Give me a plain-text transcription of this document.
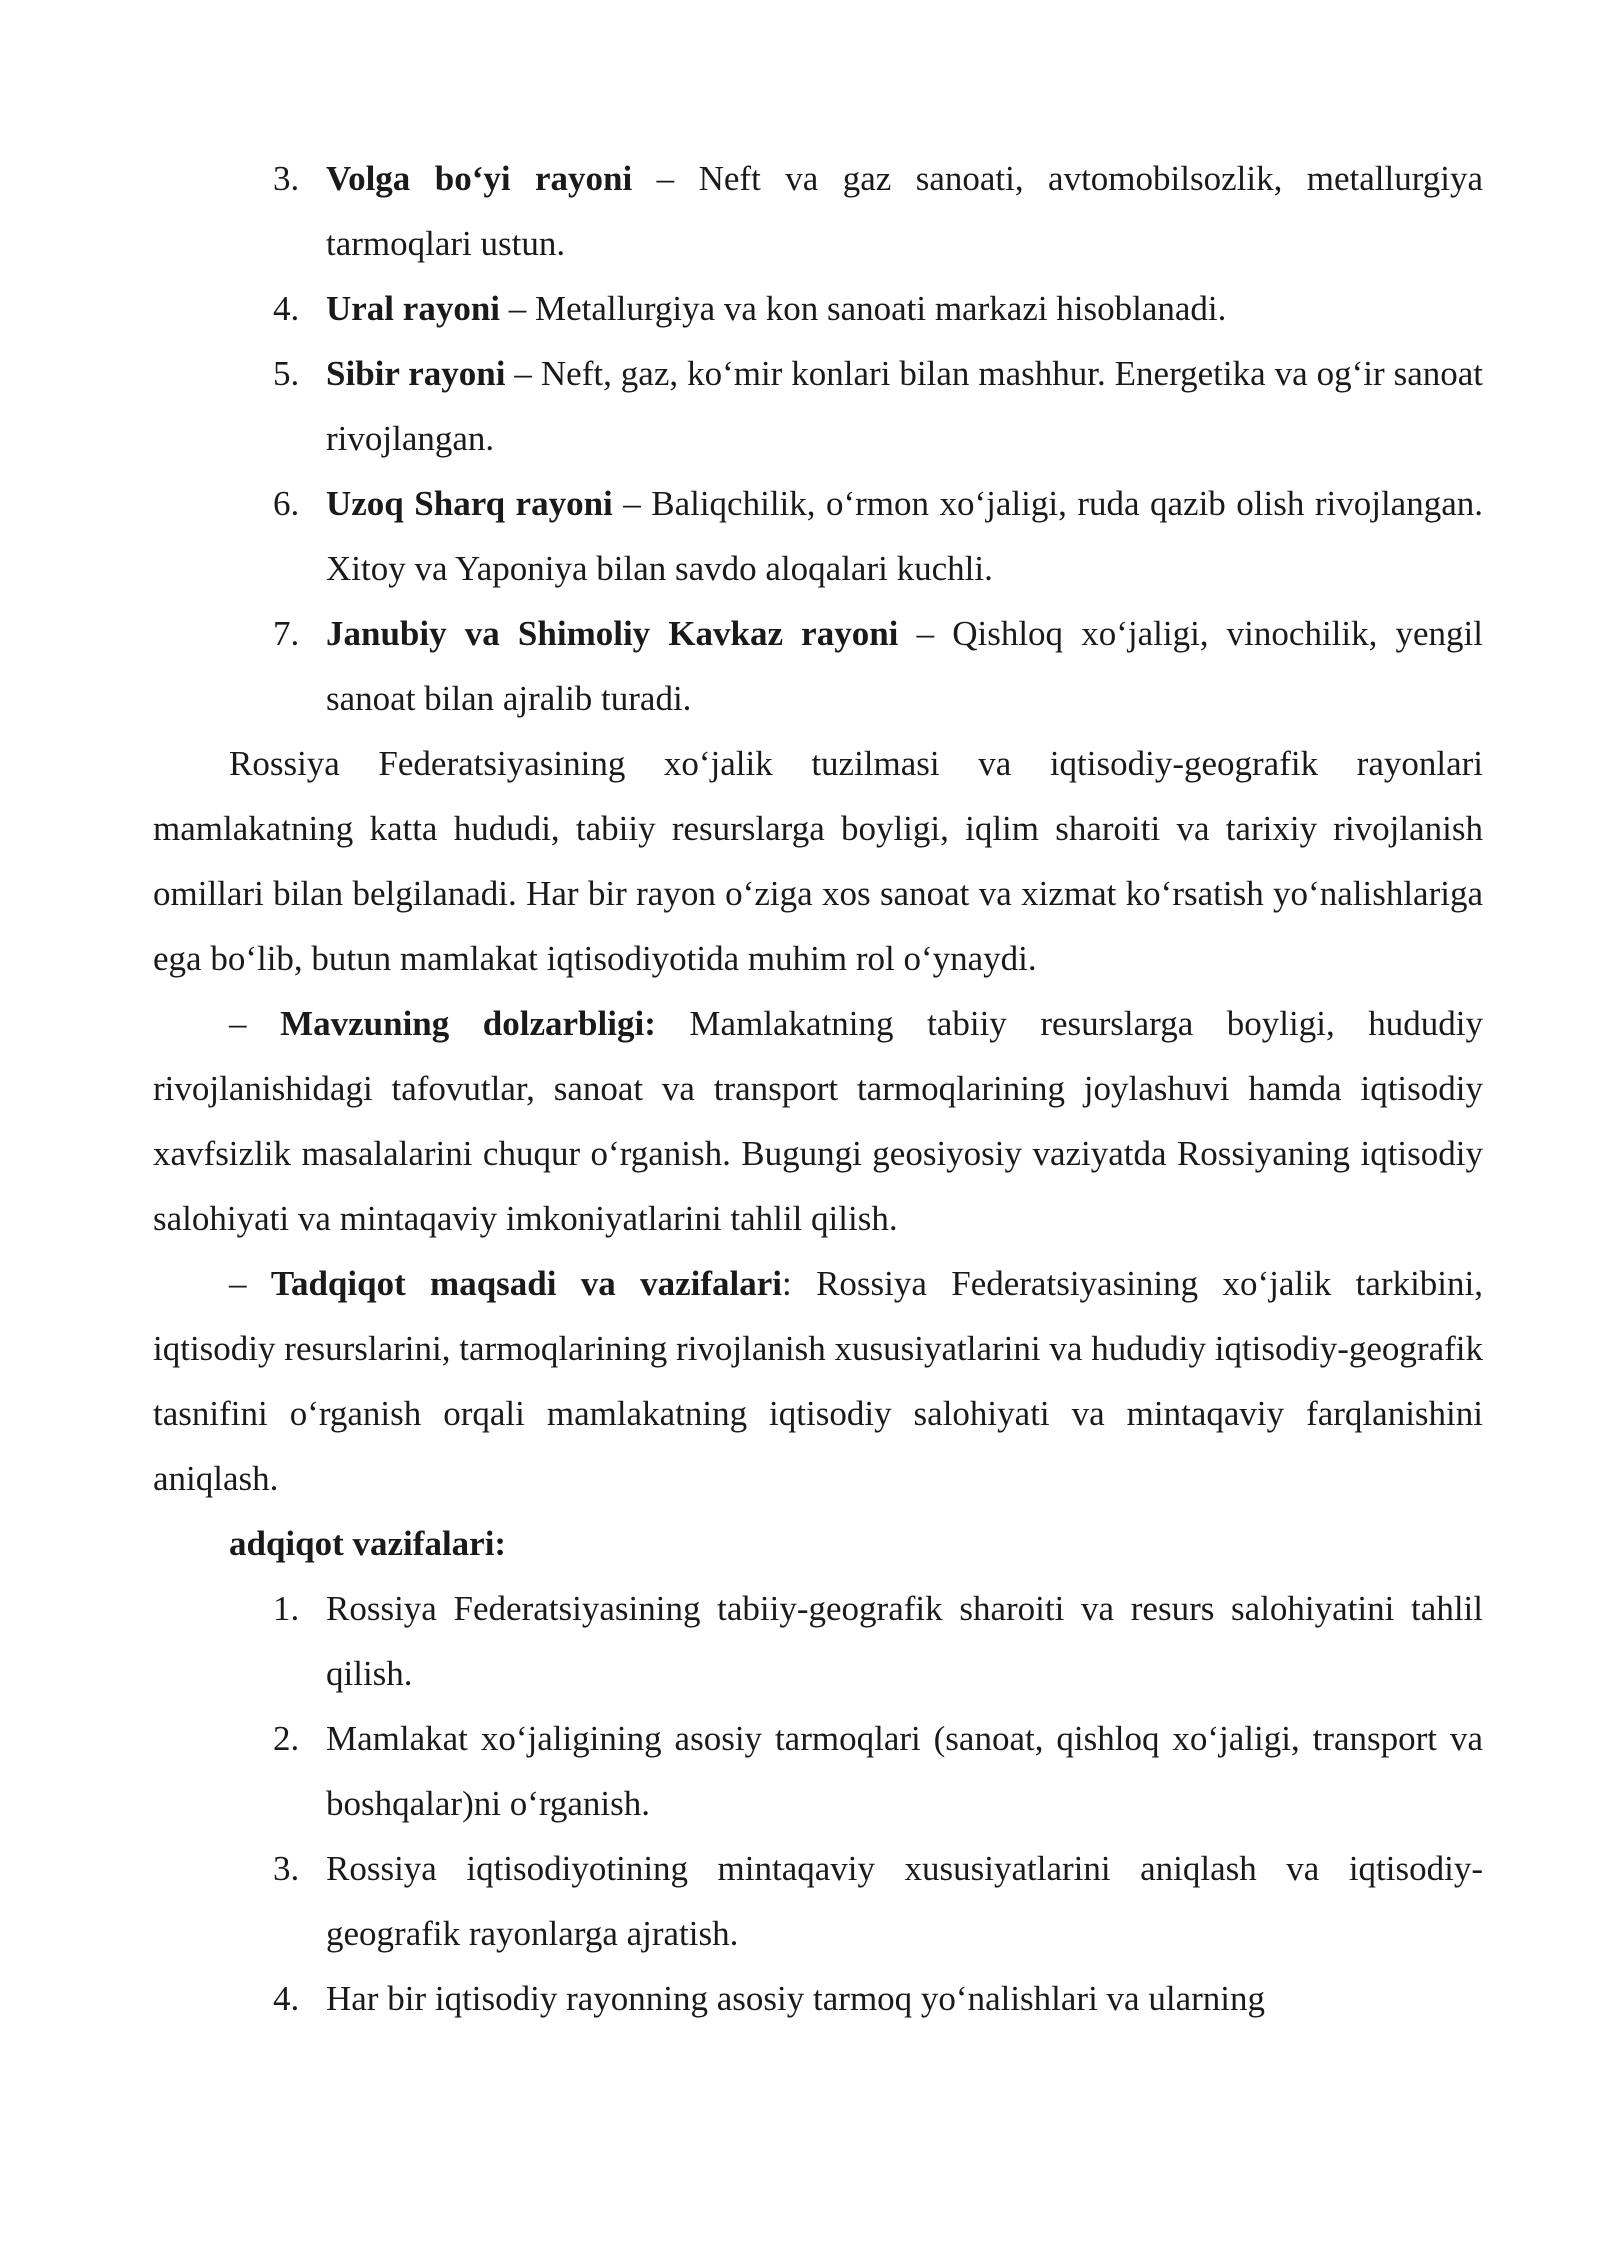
3. Volga bo‘yi rayoni – Neft va gaz sanoati, avtomobilsozlik, metallurgiya tarmoqlari ustun.
4. Ural rayoni – Metallurgiya va kon sanoati markazi hisoblanadi.
5. Sibir rayoni – Neft, gaz, ko‘mir konlari bilan mashhur. Energetika va og‘ir sanoat rivojlangan.
6. Uzoq Sharq rayoni – Baliqchilik, o‘rmon xo‘jaligi, ruda qazib olish rivojlangan. Xitoy va Yaponiya bilan savdo aloqalari kuchli.
7. Janubiy va Shimoliy Kavkaz rayoni – Qishloq xo‘jaligi, vinochilik, yengil sanoat bilan ajralib turadi.

Rossiya Federatsiyasining xo‘jalik tuzilmasi va iqtisodiy-geografik rayonlari mamlakatning katta hududi, tabiiy resurslarga boyligi, iqlim sharoiti va tarixiy rivojlanish omillari bilan belgilanadi. Har bir rayon o‘ziga xos sanoat va xizmat ko‘rsatish yo‘nalishlariga ega bo‘lib, butun mamlakat iqtisodiyotida muhim rol o‘ynaydi.

– Mavzuning dolzarbligi: Mamlakatning tabiiy resurslarga boyligi, hududiy rivojlanishidagi tafovutlar, sanoat va transport tarmoqlarining joylashuvi hamda iqtisodiy xavfsizlik masalalarini chuqur o‘rganish. Bugungi geosiyosiy vaziyatda Rossiyaning iqtisodiy salohiyati va mintaqaviy imkoniyatlarini tahlil qilish.

– Tadqiqot maqsadi va vazifalari: Rossiya Federatsiyasining xo‘jalik tarkibini, iqtisodiy resurslarini, tarmoqlarining rivojlanish xususiyatlarini va hududiy iqtisodiy-geografik tasnifini o‘rganish orqali mamlakatning iqtisodiy salohiyati va mintaqaviy farqlanishini aniqlash.

adqiqot vazifalari:

1. Rossiya Federatsiyasining tabiiy-geografik sharoiti va resurs salohiyatini tahlil qilish.
2. Mamlakat xo‘jaligining asosiy tarmoqlari (sanoat, qishloq xo‘jaligi, transport va boshqalar)ni o‘rganish.
3. Rossiya iqtisodiyotining mintaqaviy xususiyatlarini aniqlash va iqtisodiy-geografik rayonlarga ajratish.
4. Har bir iqtisodiy rayonning asosiy tarmoq yo‘nalishlari va ularning
